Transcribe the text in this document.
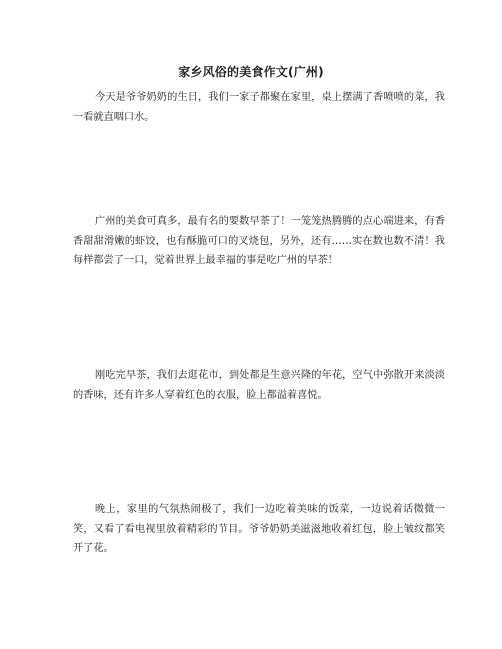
家乡风俗的美食作文(广州)

今天是爷爷奶奶的生日，我们一家子都聚在家里，桌上摆满了香喷喷的菜，我一看就直咽口水。

广州的美食可真多，最有名的要数早茶了！一笼笼热腾腾的点心端进来，有香香甜甜滑嫩的虾饺，也有酥脆可口的叉烧包，另外，还有……实在数也数不清！我每样都尝了一口，觉着世界上最幸福的事是吃广州的早茶！

刚吃完早茶，我们去逛花市，到处都是生意兴隆的年花，空气中弥散开来淡淡的香味，还有许多人穿着红色的衣服，脸上都溢着喜悦。

晚上，家里的气氛热闹极了，我们一边吃着美味的饭菜，一边说着话微微一笑，又看了看电视里放着精彩的节目。爷爷奶奶美滋滋地收着红包，脸上皱纹都笑开了花。
